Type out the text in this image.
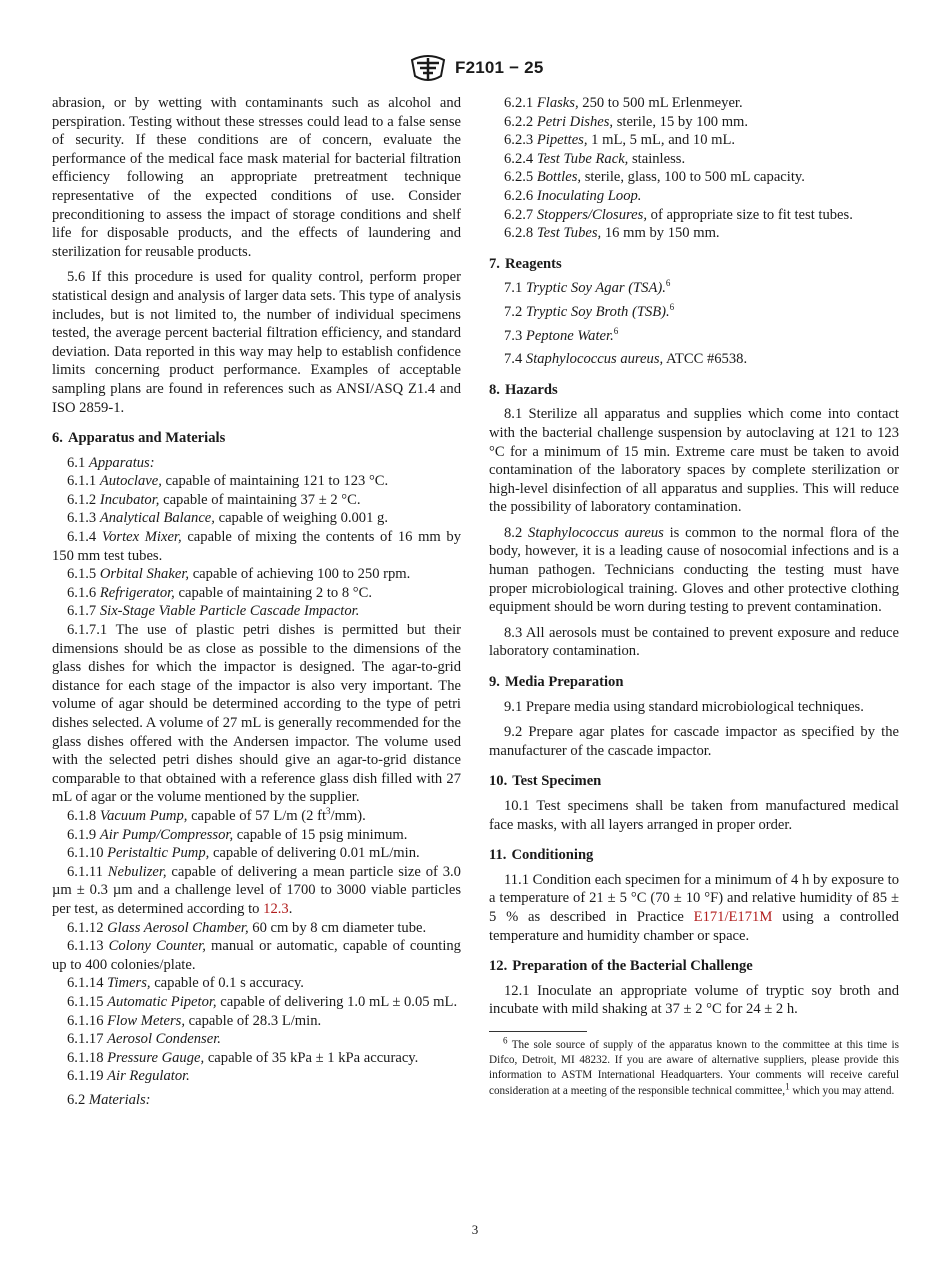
F2101 − 25

abrasion, or by wetting with contaminants such as alcohol and perspiration. Testing without these stresses could lead to a false sense of security. If these conditions are of concern, evaluate the performance of the medical face mask material for bacterial filtration efficiency following an appropriate pretreatment technique representative of the expected conditions of use. Consider preconditioning to assess the impact of storage conditions and shelf life for disposable products, and the effects of laundering and sterilization for reusable products.

5.6 If this procedure is used for quality control, perform proper statistical design and analysis of larger data sets. This type of analysis includes, but is not limited to, the number of individual specimens tested, the average percent bacterial filtration efficiency, and standard deviation. Data reported in this way may help to establish confidence limits concerning product performance. Examples of acceptable sampling plans are found in references such as ANSI/ASQ Z1.4 and ISO 2859-1.

6. Apparatus and Materials

6.1 Apparatus:

6.1.1 Autoclave, capable of maintaining 121 to 123 °C.

6.1.2 Incubator, capable of maintaining 37 ± 2 °C.

6.1.3 Analytical Balance, capable of weighing 0.001 g.

6.1.4 Vortex Mixer, capable of mixing the contents of 16 mm by 150 mm test tubes.

6.1.5 Orbital Shaker, capable of achieving 100 to 250 rpm.

6.1.6 Refrigerator, capable of maintaining 2 to 8 °C.

6.1.7 Six-Stage Viable Particle Cascade Impactor.

6.1.7.1 The use of plastic petri dishes is permitted but their dimensions should be as close as possible to the dimensions of the glass dishes for which the impactor is designed. The agar-to-grid distance for each stage of the impactor is also very important. The volume of agar should be determined according to the type of petri dishes selected. A volume of 27 mL is generally recommended for the glass dishes offered with the Andersen impactor. The volume used with the selected petri dishes should give an agar-to-grid distance comparable to that obtained with a reference glass dish filled with 27 mL of agar or the volume mentioned by the supplier.

6.1.8 Vacuum Pump, capable of 57 L/m (2 $ft^3/mm$).

6.1.9 Air Pump/Compressor, capable of 15 psig minimum.

6.1.10 Peristaltic Pump, capable of delivering 0.01 mL/min.

6.1.11 Nebulizer, capable of delivering a mean particle size of 3.0 µm ± 0.3 µm and a challenge level of 1700 to 3000 viable particles per test, as determined according to 12.3.

6.1.12 Glass Aerosol Chamber, 60 cm by 8 cm diameter tube.

6.1.13 Colony Counter, manual or automatic, capable of counting up to 400 colonies/plate.

6.1.14 Timers, capable of 0.1 s accuracy.

6.1.15 Automatic Pipetor, capable of delivering 1.0 mL ± 0.05 mL.

6.1.16 Flow Meters, capable of 28.3 L/min.

6.1.17 Aerosol Condenser.

6.1.18 Pressure Gauge, capable of 35 kPa ± 1 kPa accuracy.

6.1.19 Air Regulator.

6.2 Materials:

6.2.1 Flasks, 250 to 500 mL Erlenmeyer.

6.2.2 Petri Dishes, sterile, 15 by 100 mm.

6.2.3 Pipettes, 1 mL, 5 mL, and 10 mL.

6.2.4 Test Tube Rack, stainless.

6.2.5 Bottles, sterile, glass, 100 to 500 mL capacity.

6.2.6 Inoculating Loop.

6.2.7 Stoppers/Closures, of appropriate size to fit test tubes.

6.2.8 Test Tubes, 16 mm by 150 mm.

7. Reagents

7.1 Tryptic Soy Agar (TSA).$^6$

7.2 Tryptic Soy Broth (TSB).$^6$

7.3 Peptone Water.$^6$

7.4 Staphylococcus aureus, ATCC #6538.

8. Hazards

8.1 Sterilize all apparatus and supplies which come into contact with the bacterial challenge suspension by autoclaving at 121 to 123 °C for a minimum of 15 min. Extreme care must be taken to avoid contamination of the laboratory spaces by complete sterilization or high-level disinfection of all apparatus and supplies. This will reduce the possibility of laboratory contamination.

8.2 Staphylococcus aureus is common to the normal flora of the body, however, it is a leading cause of nosocomial infections and is a human pathogen. Technicians conducting the testing must have proper microbiological training. Gloves and other protective clothing equipment should be worn during testing to prevent contamination.

8.3 All aerosols must be contained to prevent exposure and reduce laboratory contamination.

9. Media Preparation

9.1 Prepare media using standard microbiological techniques.

9.2 Prepare agar plates for cascade impactor as specified by the manufacturer of the cascade impactor.

10. Test Specimen

10.1 Test specimens shall be taken from manufactured medical face masks, with all layers arranged in proper order.

11. Conditioning

11.1 Condition each specimen for a minimum of 4 h by exposure to a temperature of 21 ± 5 °C (70 ± 10 °F) and relative humidity of 85 ± 5 % as described in Practice E171/E171M using a controlled temperature and humidity chamber or space.

12. Preparation of the Bacterial Challenge

12.1 Inoculate an appropriate volume of tryptic soy broth and incubate with mild shaking at 37 ± 2 °C for 24 ± 2 h.

$^6$ The sole source of supply of the apparatus known to the committee at this time is Difco, Detroit, MI 48232. If you are aware of alternative suppliers, please provide this information to ASTM International Headquarters. Your comments will receive careful consideration at a meeting of the responsible technical committee,$^1$ which you may attend.

3
